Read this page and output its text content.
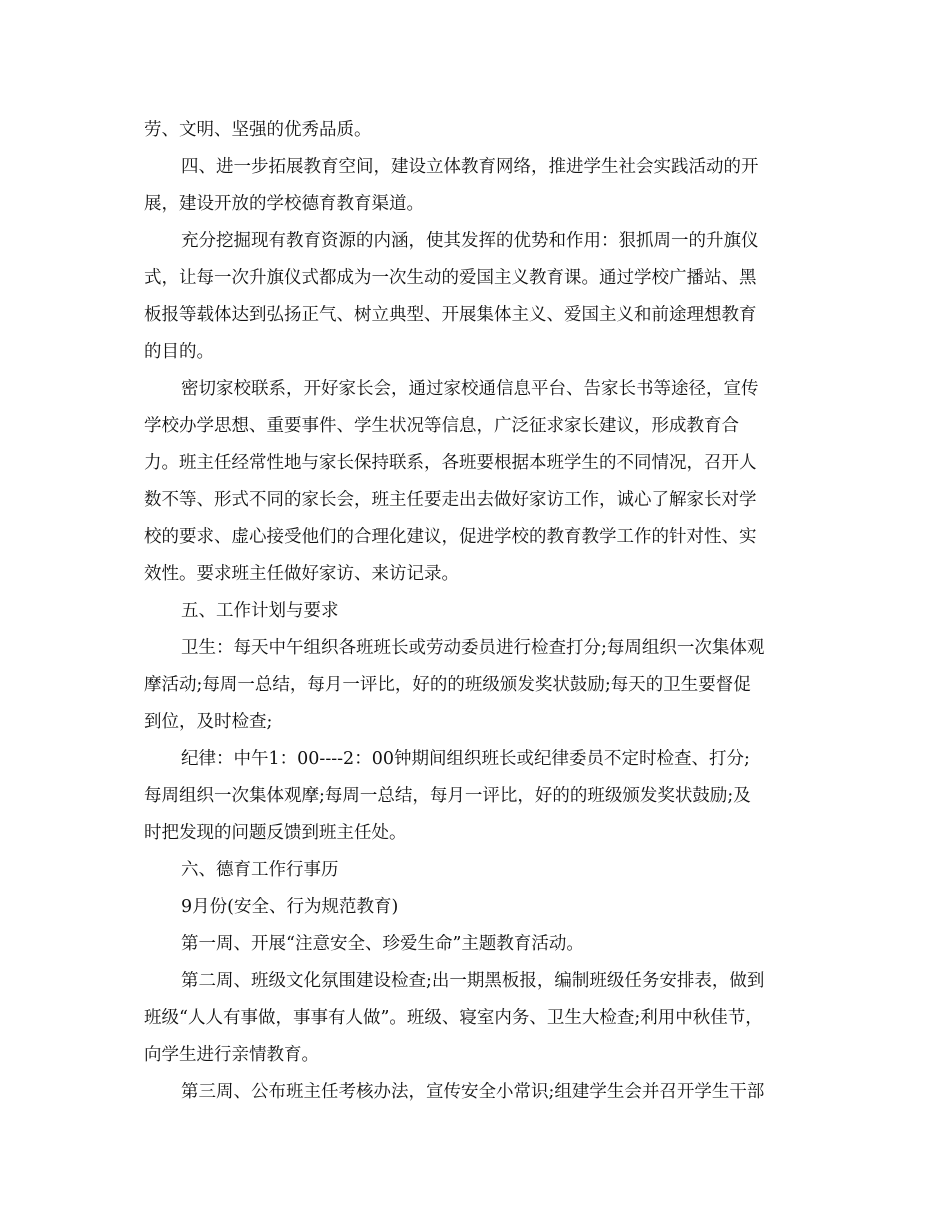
劳、文明、坚强的优秀品质。
四、进一步拓展教育空间，建设立体教育网络，推进学生社会实践活动的开
展，建设开放的学校德育教育渠道。
充分挖掘现有教育资源的内涵，使其发挥的优势和作用：狠抓周一的升旗仪
式，让每一次升旗仪式都成为一次生动的爱国主义教育课。通过学校广播站、黑
板报等载体达到弘扬正气、树立典型、开展集体主义、爱国主义和前途理想教育
的目的。
密切家校联系，开好家长会，通过家校通信息平台、告家长书等途径，宣传
学校办学思想、重要事件、学生状况等信息，广泛征求家长建议，形成教育合
力。班主任经常性地与家长保持联系，各班要根据本班学生的不同情况，召开人
数不等、形式不同的家长会，班主任要走出去做好家访工作，诚心了解家长对学
校的要求、虚心接受他们的合理化建议，促进学校的教育教学工作的针对性、实
效性。要求班主任做好家访、来访记录。
五、工作计划与要求
卫生：每天中午组织各班班长或劳动委员进行检查打分;每周组织一次集体观
摩活动;每周一总结，每月一评比，好的的班级颁发奖状鼓励;每天的卫生要督促
到位，及时检查;
纪律：中午1：00----2：00钟期间组织班长或纪律委员不定时检查、打分;
每周组织一次集体观摩;每周一总结，每月一评比，好的的班级颁发奖状鼓励;及
时把发现的问题反馈到班主任处。
六、德育工作行事历
9月份(安全、行为规范教育)
第一周、开展“注意安全、珍爱生命”主题教育活动。
第二周、班级文化氛围建设检查;出一期黑板报，编制班级任务安排表，做到
班级“人人有事做，事事有人做”。班级、寝室内务、卫生大检查;利用中秋佳节，
向学生进行亲情教育。
第三周、公布班主任考核办法，宣传安全小常识;组建学生会并召开学生干部
